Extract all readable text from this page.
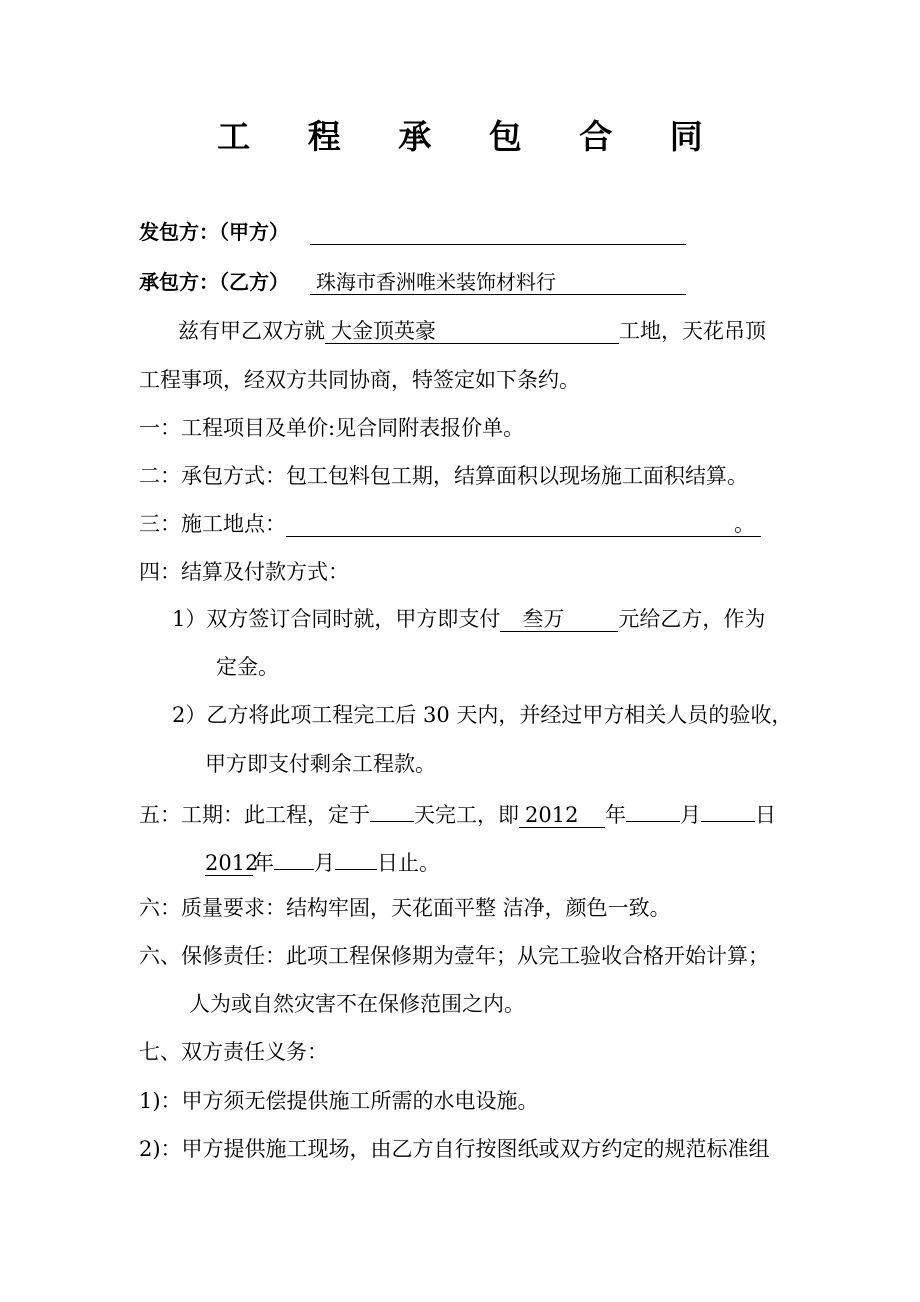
工 程 承 包 合 同
发包方：（甲方）
承包方：（乙方） 珠海市香洲唯米装饰材料行
兹有甲乙双方就 大金顶英豪	工地，天花吊顶
工程事项，经双方共同协商，特签定如下条约。
一：工程项目及单价:见合同附表报价单。
二：承包方式：包工包料包工期，结算面积以现场施工面积结算。
三：施工地点：	。
四：结算及付款方式：
1）双方签订合同时就，甲方即支付 叁万	元给乙方，作为
定金。
2）乙方将此项工程完工后 30 天内，并经过甲方相关人员的验收，
甲方即支付剩余工程款。
五：工期：此工程，定于 天完工，即 2012 年	月	日
2012年 月 日止。
六：质量要求：结构牢固，天花面平整 洁净，颜色一致。
六、保修责任：此项工程保修期为壹年；从完工验收合格开始计算；
人为或自然灾害不在保修范围之内。
七、双方责任义务：
1)：甲方须无偿提供施工所需的水电设施。
2)：甲方提供施工现场，由乙方自行按图纸或双方约定的规范标准组
